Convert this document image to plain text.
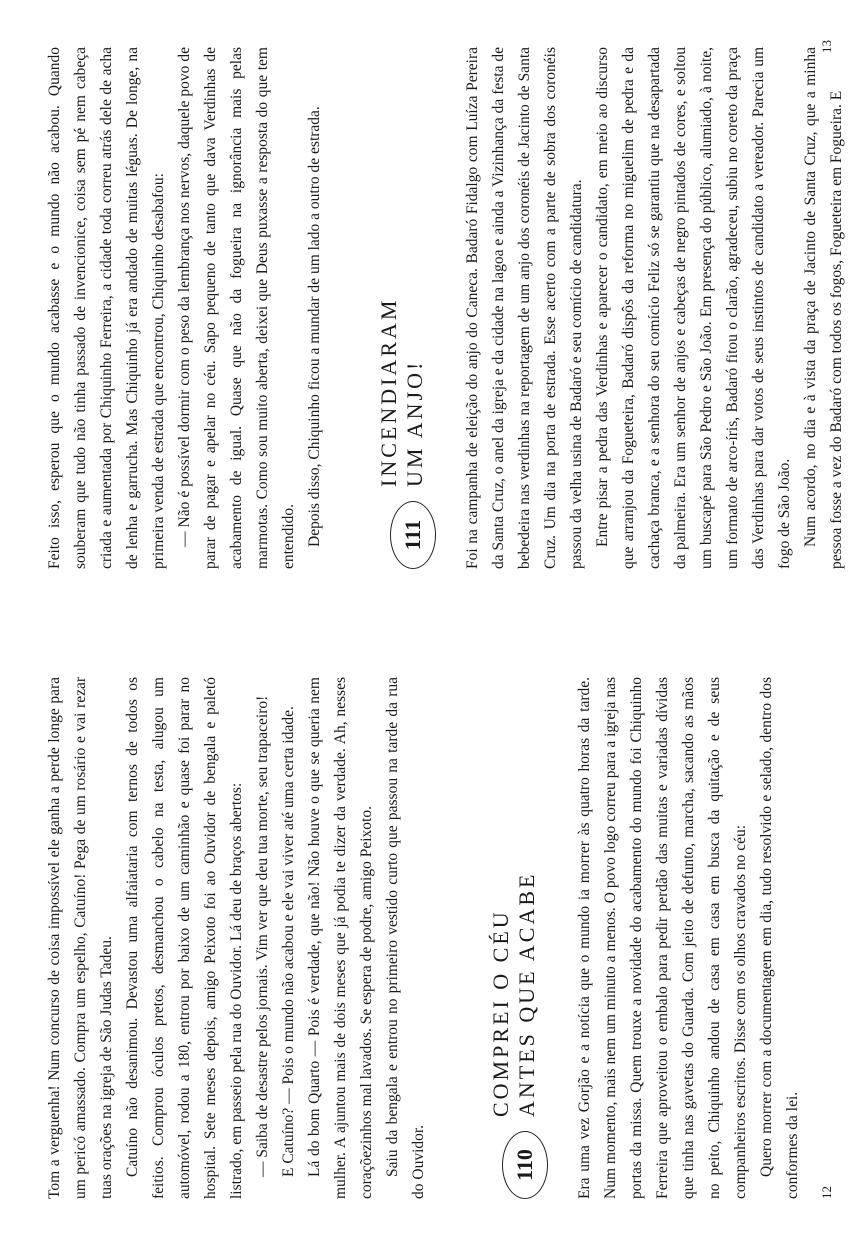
Tom a verguenha! Num concurso de coisa impossível ele ganha a perde longe para um pericó amassado. Compra um espelho, Catuíno! Pega de um rosário e vai rezar tuas orações na igreja de São Judas Tadeu. Catuíno não desanimou. Devastou uma alfaiataria com ternos de todos os feitios. Comprou óculos pretos, desmanchou o cabelo na testa, alugou um automóvel, rodou a 180, entrou por baixo de um caminhão e quase foi parar no hospital. Sete meses depois, amigo Peixoto foi ao Ouvidor de bengala e paletó listrado, em passeio pela rua do Ouvidor. Lá deu de braços abertos: — Saiba de desastre pelos jornais. Vim ver que deu tua morte, seu trapaceiro! E Catuíno? — Pois o mundo não acabou e ele vai viver até uma certa idade. Lá do bom Quarto — Pois é verdade, que não! Não houve o que se queria nem mulher. A ajuntou mais de dois meses que já podia te dizer da verdade. Ah, nesses coraçõezinhos mal lavados. Se espera de podre, amigo Peixoto. Saiu da bengala e entrou no primeiro vestido curto que passou na tarde da rua do Ouvidor.	110
COMPREI O CÉU ANTES QUE ACABE Era uma vez Gorjão e a notícia que o mundo ia morrer às quatro horas da tarde. Num momento, mais nem um minuto a menos. O povo logo correu para a igreja nas portas da missa. Quem trouxe a novidade do acabamento do mundo foi Chiquinho Ferreira que aproveitou o embalo para pedir perdão das muitas e variadas dívidas que tinha nas gavetas do Guarda. Com jeito de defunto, marcha, sacando as mãos no peito, Chiquinho andou de casa em casa em busca da quitação e de seus companheiros escritos. Disse com os olhos cravados no céu: Quero morrer com a documentagem em dia, tudo resolvido e selado, dentro dos conformes da lei.	12

Feito isso, esperou que o mundo acabasse e o mundo não acabou. Quando souberam que tudo não tinha passado de invencionice, coisa sem pé nem cabeça criada e aumentada por Chiquinho Ferreira, a cidade toda correu atrás dele de acha de lenha e garrucha. Mas Chiquinho já era andado de muitas léguas. De longe, na primeira venda de estrada que encontrou, Chiquinho desabafou: — Não é possível dormir com o peso da lembrança nos nervos, daquele povo de parar de pagar e apelar no céu. Sapo pequeno de tanto que dava Verdinhas de acabamento de igual. Quase que não da fogueira na ignorância mais pelas marmotas. Como sou muito aberta, deixei que Deus puxasse a resposta do que tem entendido. Depois disso, Chiquinho ficou a mundar de um lado a outro de estrada.	111
INCENDIARAM UM ANJO! Foi na campanha de eleição do anjo do Caneca. Badaró Fidalgo com Luíza Pereira da Santa Cruz, o anel da igreja e da cidade na lagoa e ainda a Vizinhança da festa de bebedeira nas verdinhas na reportagem de um anjo dos coronéis de Jacinto de Santa Cruz. Um dia na porta de estrada. Esse acerto com a parte de sobra dos coronéis passou da velha usina de Badaró e seu comício de candidatura. Entre pisar a pedra das Verdinhas e aparecer o candidato, em meio ao discurso que arranjou da Fogueteira, Badaró dispôs da reforma no miguelim de pedra e da cachaça branca, e a senhora do seu comício Feliz só se garantiu que na desapartada da palmeira. Era um senhor de anjos e cabeças de negro pintados de cores, e soltou um buscapé para São Pedro e São João. Em presença do público, alumiado, à noite, um formato de arco-íris, Badaró fitou o clarão, agradeceu, subiu no coreto da praça das Verdinhas para dar votos de seus instintos de candidato a vereador. Parecia um fogo de São João. Num acordo, no dia e à vista da praça de Jacinto de Santa Cruz, que a minha pessoa fosse a vez do Badaró com todos os fogos, Fogueteira em Fogueira. E

13
